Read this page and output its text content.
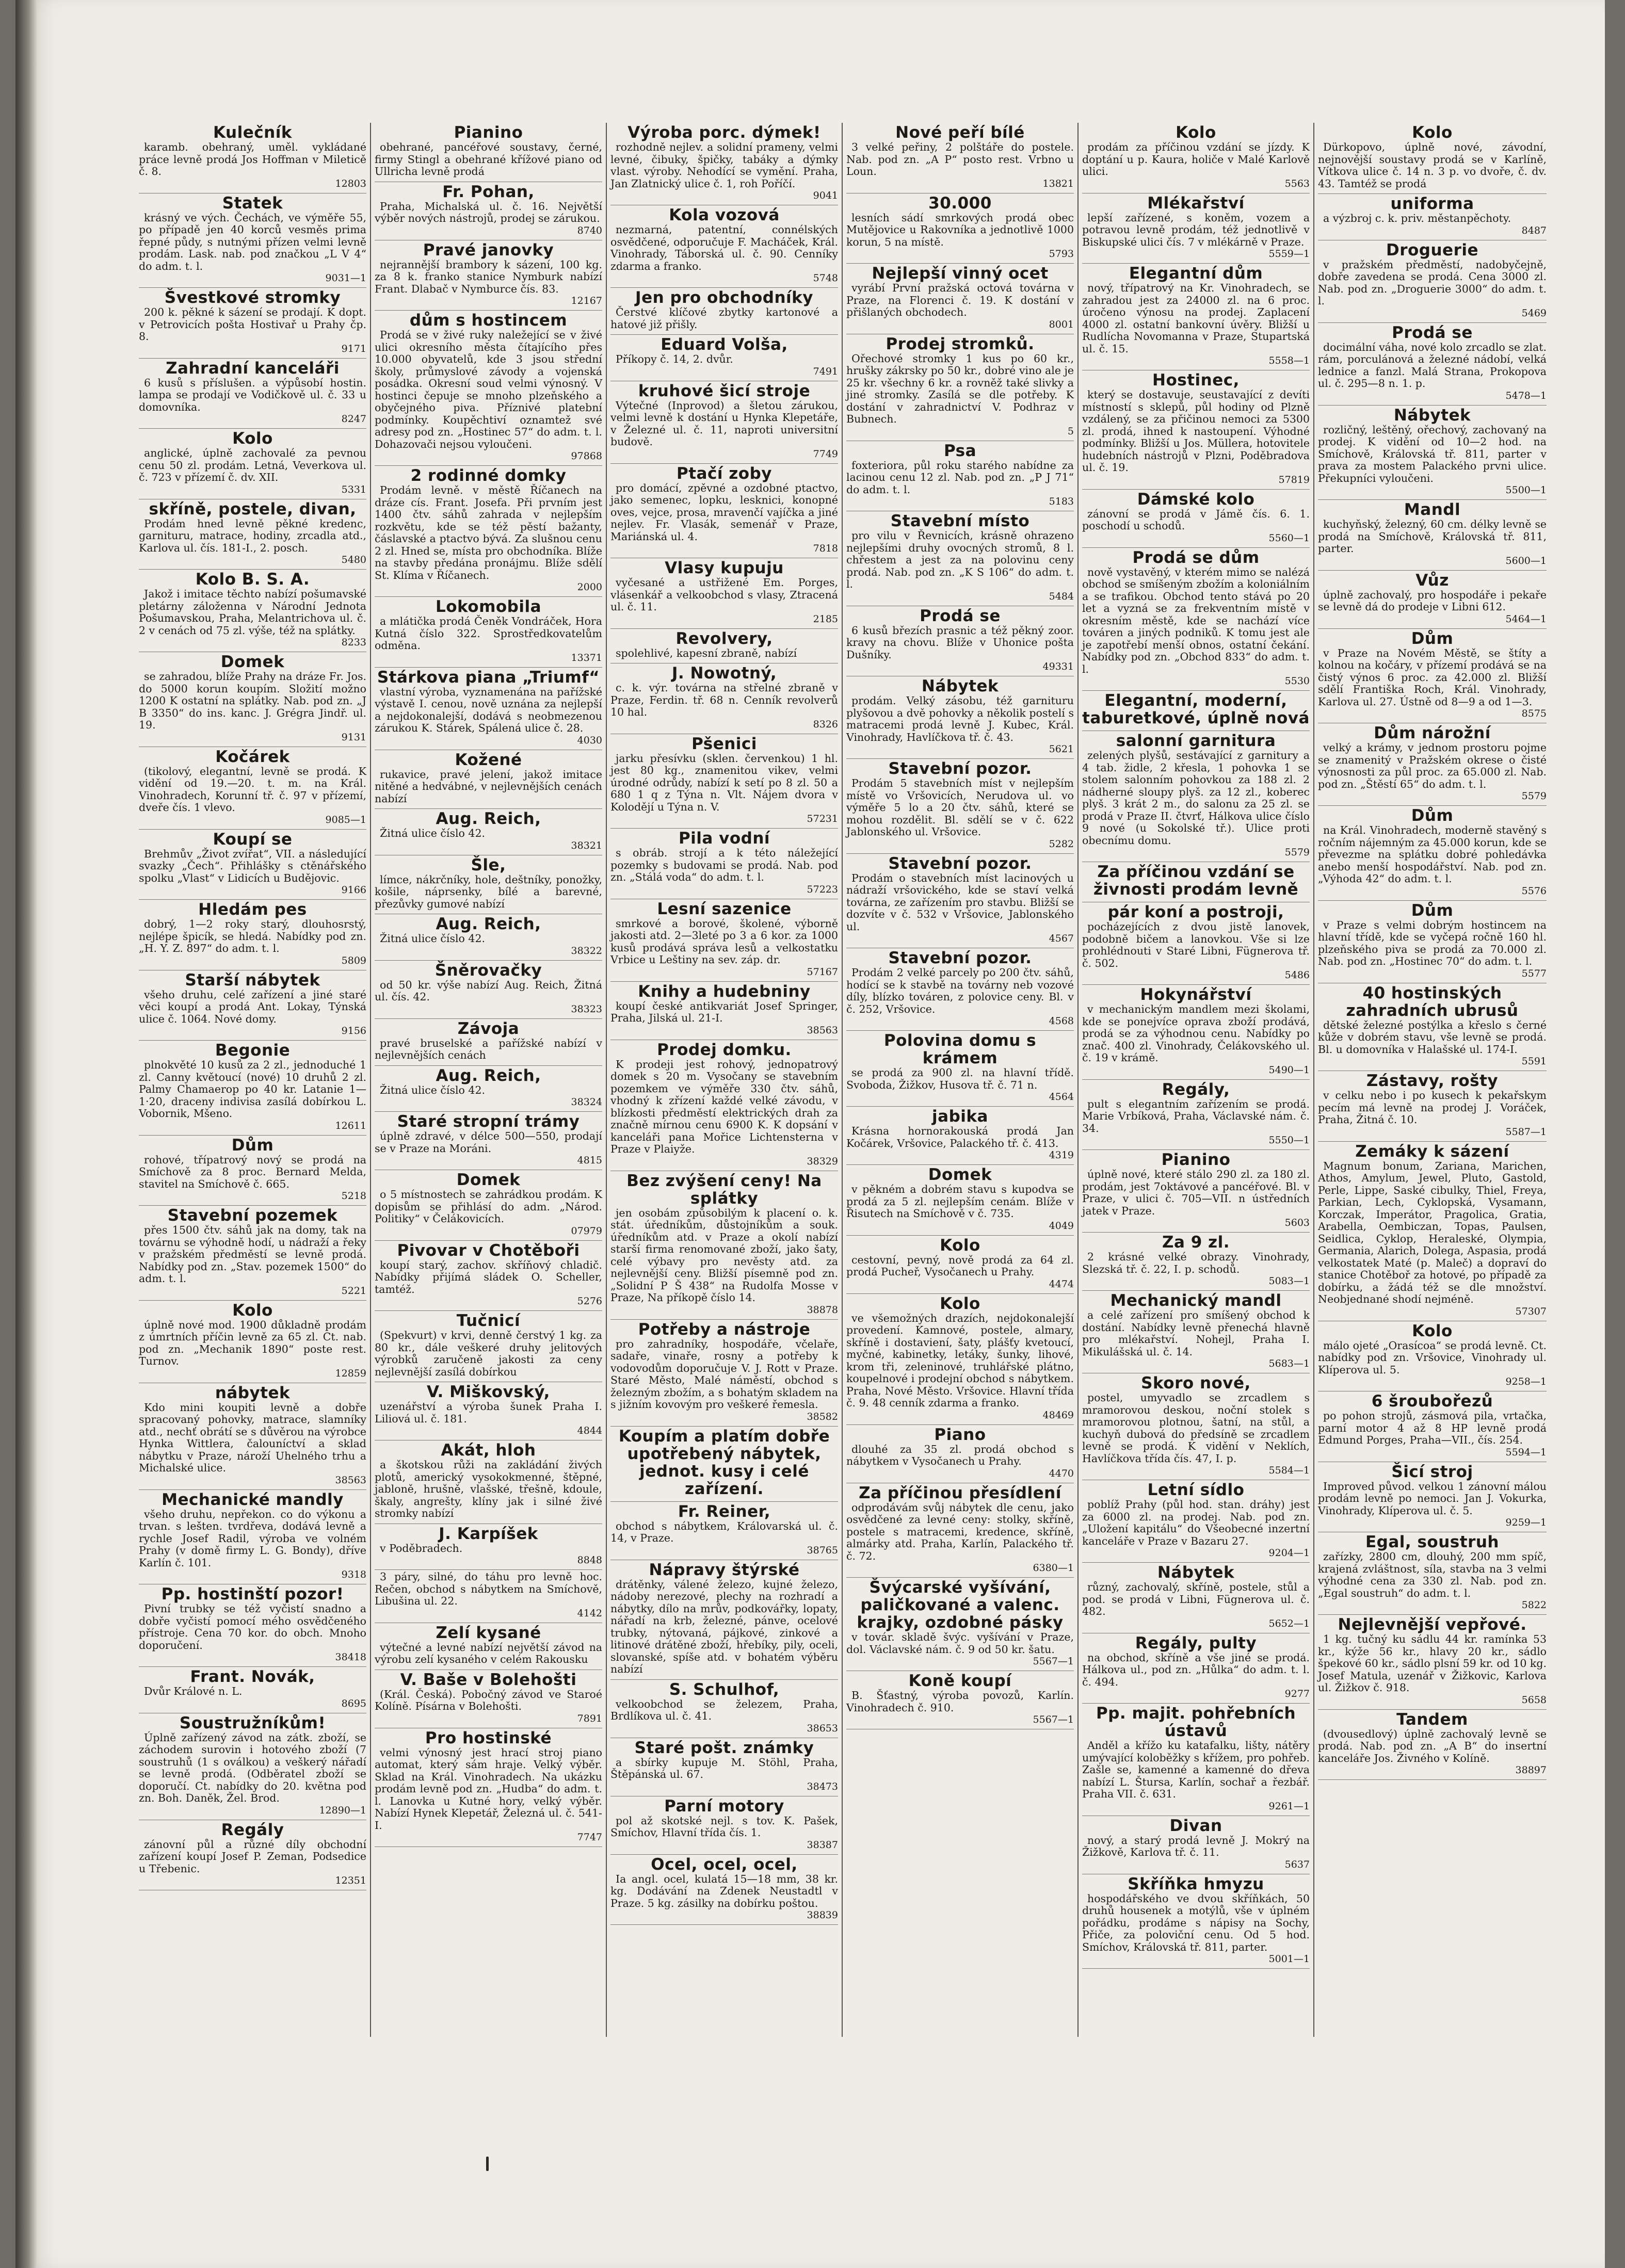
Kulečník

karamb. obehraný, uměl. vykládané práce levně prodá Jos Hoffman v Mileticě č. 8.

12803

Statek

krásný ve vých. Čechách, ve výměře 55, po případě jen 40 korců vesměs prima řepné půdy, s nutnými přízen velmi levně prodám. Lask. nab. pod značkou „L V 4“ do adm. t. l.

9031—1

Švestkové stromky

200 k. pěkné k sázení se prodají. K dopt. v Petrovicích pošta Hostivař u Prahy čp. 8.

9171

Zahradní kanceláři

6 kusů s příslušen. a výpůsobí hostin. lampa se prodají ve Vodičkově ul. č. 33 u domovníka.

8247

Kolo

anglické, úplně zachovalé za pevnou cenu 50 zl. prodám. Letná, Veverkova ul. č. 723 v přízemí č. dv. XII.

5331

skříně, postele, divan,

Prodám hned levně pěkné kredenc, garnituru, matrace, hodiny, zrcadla atd., Karlova ul. čís. 181-I., 2. posch.

5480

Kolo B. S. A.

Jakož i imitace těchto nabízí pošumavské pletárny záloženna v Národní Jednota Pošumavskou, Praha, Melantrichova ul. č. 2 v cenách od 75 zl. výše, též na splátky.

8233

Domek

se zahradou, blíže Prahy na dráze Fr. Jos. do 5000 korun koupím. Složití možno 1200 K ostatní na splátky. Nab. pod zn. „J B 3350“ do ins. kanc. J. Grégra Jindř. ul. 19.

9131

Kočárek

(tikolový, elegantní, levně se prodá. K vidění od 19.—20. t. m. na Král. Vinohradech, Korunní tř. č. 97 v přízemí, dveře čís. 1 vlevo.

9085—1

Koupí se

Brehmův „Život zvířat“, VII. a následující svazky „Čech“. Přihlášky s ctěnářského spolku „Vlast“ v Lidicích u Budějovic.

9166

Hledám pes

dobrý, 1—2 roky starý, dlouhosrstý, nejlépe špicík, se hledá. Nabídky pod zn. „H. Y. Z. 897“ do adm. t. l.

5809

Starší nábytek

všeho druhu, celé zařízení a jiné staré věci koupí a prodá Ant. Lokay, Týnská ulice č. 1064. Nové domy.

9156

Begonie

plnokvěté 10 kusů za 2 zl., jednoduché 1 zl. Canny květoucí (nové) 10 druhů 2 zl. Palmy Chamaerop po 40 kr. Latanie 1—1·20, draceny indivisa zasílá dobírkou L. Vobornik, Mšeno.

12611

Dům

rohové, třípatrový nový se prodá na Smíchově za 8 proc. Bernard Melda, stavitel na Smíchově č. 665.

5218

Stavební pozemek

přes 1500 čtv. sáhů jak na domy, tak na továrnu se výhodně hodí, u nádraží a řeky v pražském předměstí se levně prodá. Nabídky pod zn. „Stav. pozemek 1500“ do adm. t. l.

5221

Kolo

úplně nové mod. 1900 důkladně prodám z úmrtních příčin levně za 65 zl. Ct. nab. pod zn. „Mechanik 1890“ poste rest. Turnov.

12859

nábytek

Kdo mini koupiti levně a dobře spracovaný pohovky, matrace, slamníky atd., nechť obrátí se s důvěrou na výrobce Hynka Wittlera, čalouníctví a sklad nábytku v Praze, nároží Uhelného trhu a Michalské ulice.

38563

Mechanické mandly

všeho druhu, nepřekon. co do výkonu a trvan. s lešten. tvrdřeva, dodává levně a rychle Josef Radil, výroba ve volném Prahy (v domě firmy L. G. Bondy), dříve Karlín č. 101.

9318

Pp. hostinští pozor!

Pivní trubky se též vyčistí snadno a dobře vyčistí pomocí mého osvědčeného přístroje. Cena 70 kor. do obch. Mnoho doporučení.

38418

Frant. Novák,

Dvůr Králové n. L.

8695

Soustružníkům!

Úplně zařízený závod na zátk. zboží, se záchodem surovin i hotového zboží (7 soustruhů (1 s oválkou) a veškerý nářadí se levně prodá. (Odběratel zboží se doporučí. Ct. nabídky do 20. května pod zn. Boh. Daněk, Žel. Brod.

12890—1

Regály

zánovní půl a různé díly obchodní zařízení koupí Josef P. Zeman, Podsedice u Třebenic.

12351

Pianino

obehrané, pancéřové soustavy, černé, firmy Stingl a obehrané křížové piano od Ullricha levně prodá

Fr. Pohan,

Praha, Michalská ul. č. 16. Největší výběr nových nástrojů, prodej se zárukou.

8740

Pravé janovky

nejrannější brambory k sázení, 100 kg. za 8 k. franko stanice Nymburk nabízí Frant. Dlabač v Nymburce čís. 83.

12167

dům s hostincem

Prodá se v živé ruky naležející se v živé ulici okresního města čítajícího přes 10.000 obyvatelů, kde 3 jsou střední školy, průmyslové závody a vojenská posádka. Okresní soud velmi výnosný. V hostinci čepuje se mnoho plzeňského a obyčejného piva. Příznivé platební podmínky. Koupěchtiví oznamtež své adresy pod zn. „Hostinec 57“ do adm. t. l. Dohazovači nejsou vyloučeni.

97868

2 rodinné domky

Prodám levně. v městě Říčanech na dráze cís. Frant. Josefa. Při prvním jest 1400 čtv. sáhů zahrada v nejlepším rozkvětu, kde se též pěstí bažanty, čáslavské a ptactvo bývá. Za slušnou cenu 2 zl. Hned se, místa pro obchodníka. Blíže na stavby předána pronájmu. Blíže sdělí St. Klíma v Říčanech.

2000

Lokomobila

a mlátička prodá Čeněk Vondráček, Hora Kutná číslo 322. Sprostředkovatelům odměna.

13371

Stárkova piana „Triumf“

vlastní výroba, vyznamenána na pařížské výstavě I. cenou, nově uznána za nejlepší a nejdokonalejší, dodává s neobmezenou zárukou K. Stárek, Spálená ulice č. 28.

4030

Kožené

rukavice, pravé jelení, jakož imitace nitěné a hedvábné, v nejlevnějších cenách nabízí

Aug. Reich,

Žitná ulice číslo 42.

38321

Šle,

límce, nákrčníky, hole, deštníky, ponožky, košile, náprsenky, bílé a barevné, přezůvky gumové nabízí

Aug. Reich,

Žitná ulice číslo 42.

38322

Šněrovačky

od 50 kr. výše nabízí Aug. Reich, Žitná ul. čís. 42.

38323

Závoja

pravé bruselské a pařížské nabízí v nejlevnějších cenách

Aug. Reich,

Žitná ulice číslo 42.

38324

Staré stropní trámy

úplně zdravé, v délce 500—550, prodají se v Praze na Moráni.

4815

Domek

o 5 místnostech se zahrádkou prodám. K dopisům se přihlásí do adm. „Národ. Politiky“ v Čelákovicích.

07979

Pivovar v Chotěboři

koupí starý, zachov. skříňový chladič. Nabídky přijímá sládek O. Scheller, tamtéž.

5276

Tučnicí

(Spekvurt) v krvi, denně čerstvý 1 kg. za 80 kr., dále veškeré druhy jelitových výrobků zaručeně jakosti za ceny nejlevnější zasílá dobírkou

V. Miškovský,

uzenářství a výroba šunek Praha I. Liliová ul. č. 181.

4844

Akát, hloh

a škotskou růži na zakládání živých plotů, americký vysokokmenné, štěpné, jabloně, hrušně, vlašské, třešně, kdoule, škaly, angrešty, klíny jak i silné živé stromky nabízí

J. Karpíšek

v Poděbradech.

8848

3 páry, silné, do táhu pro levně hoc. Rečen, obchod s nábytkem na Smíchově, Libušina ul. 22.

4142

Zelí kysané

výtečné a levné nabízí největší závod na výrobu zelí kysaného v celém Rakousku

V. Baše v Bolehošti

(Král. Česká). Pobočný závod ve Staroé Kolíně. Písárna v Bolehošti.

7891

Pro hostinské

velmi výnosný jest hrací stroj piano automat, který sám hraje. Velký výběr. Sklad na Král. Vinohradech. Na ukázku prodám levně pod zn. „Hudba“ do adm. t. l. Lanovka u Kutné hory, velký výběr. Nabízí Hynek Klepetář, Železná ul. č. 541-I.

7747

Výroba porc. dýmek!

rozhodně nejlev. a solidní prameny, velmi levné, čibuky, špičky, tabáky a dýmky vlast. výroby. Nehodící se vymění. Praha, Jan Zlatnický ulice č. 1, roh Poříčí.

9041

Kola vozová

nezmarná, patentní, connélských osvědčené, odporučuje F. Macháček, Král. Vinohrady, Táborská ul. č. 90. Cenníky zdarma a franko.

5748

Jen pro obchodníky

Čerstvé klíčové zbytky kartonové a hatové již přišly.

Eduard Volša,

Příkopy č. 14, 2. dvůr.

7491

kruhové šicí stroje

Výtečné (Inprovod) a šletou zárukou, velmi levně k dostání u Hynka Klepetáře, v Železné ul. č. 11, naproti universitní budově.

7749

Ptačí zoby

pro domácí, zpěvné a ozdobné ptactvo, jako semenec, lopku, lesknici, konopné oves, vejce, prosa, mravenčí vajíčka a jiné nejlev. Fr. Vlasák, semenář v Praze, Mariánská ul. 4.

7818

Vlasy kupuju

vyčesané a ustřižené Em. Porges, vlásenkář a velkoobchod s vlasy, Ztracená ul. č. 11.

2185

Revolvery,

spolehlivé, kapesní zbraně, nabízí

J. Nowotný,

c. k. výr. továrna na střelné zbraně v Praze, Ferdin. tř. 68 n. Cenník revolverů 10 hal.

8326

Pšenici

jarku přesívku (sklen. červenkou) 1 hl. jest 80 kg., znamenitou vikev, velmi úrodné odrůdy, nabízí k setí po 8 zl. 50 a 680 1 q z Týna n. Vlt. Nájem dvora v Kolodějí u Týna n. V.

57231

Pila vodní

s obráb. strojí a k této náležející pozemky s budovami se prodá. Nab. pod zn. „Stálá voda“ do adm. t. l.

57223

Lesní sazenice

smrkové a borové, školené, výborně jakosti atd. 2—3leté po 3 a 6 kor. za 1000 kusů prodává správa lesů a velkostatku Vrbice u Leštiny na sev. záp. dr.

57167

Knihy a hudebniny

koupí české antikvariát Josef Springer, Praha, Jilská ul. 21-I.

38563

Prodej domku.

K prodeji jest rohový, jednopatrový domek s 20 m. Vysočany se stavebním pozemkem ve výměře 330 čtv. sáhů, vhodný k zřízení každé velké závodu, v blízkosti předměstí elektrických drah za značně mírnou cenu 6900 K. K dopsání v kanceláři pana Mořice Lichtensterna v Praze v Plaiyže.

38329

Bez zvýšení ceny! Na splátky

jen osobám způsobilým k placení o. k. stát. úředníkům, důstojníkům a souk. úředníkům atd. v Praze a okolí nabízí starší firma renomované zboží, jako šaty, celé výbavy pro nevěsty atd. za nejlevnější ceny. Bližší písemně pod zn. „Solidní P Š 438“ na Rudolfa Mosse v Praze, Na příkopě číslo 14.

38878

Potřeby a nástroje

pro zahradníky, hospodáře, včelaře, sadaře, vinaře, rosny a potřeby k vodovodům doporučuje V. J. Rott v Praze. Staré Město, Malé náměstí, obchod s železným zbožím, a s bohatým skladem na s jižním kovovým pro veškeré řemesla.

38582

Koupím a platím dobře upotřebený nábytek, jednot. kusy i celé zařízení.

Fr. Reiner,

obchod s nábytkem, Královarská ul. č. 14, v Praze.

38765

Nápravy štýrské

drátěnky, válené železo, kujné železo, nádoby nerezové, plechy na rozhradí a nábytky, dílo na mrův, podkovářky, lopaty, nářadí na krb, železné, pánve, ocelové trubky, nýtovaná, pájkové, zinkové a litinové drátěné zboží, hřebíky, pily, oceli, slovanské, spíše atd. v bohatém výběru nabízí

S. Schulhof,

velkoobchod se železem, Praha, Brdlíkova ul. č. 41.

38653

Staré pošt. známky

a sbírky kupuje M. Stöhl, Praha, Štěpánská ul. 67.

38473

Parní motory

pol až skotské nejl. s tov. K. Pašek, Smíchov, Hlavní třída čís. 1.

38387

Ocel, ocel, ocel,

Ia angl. ocel, kulatá 15—18 mm, 38 kr. kg. Dodávání na Zdenek Neustadtl v Praze. 5 kg. zásilky na dobírku poštou.

38839

Nové peří bílé

3 velké peřiny, 2 polštáře do postele. Nab. pod zn. „A P“ posto rest. Vrbno u Loun.

13821

30.000

lesních sádí smrkových prodá obec Mutějovice u Rakovníka a jednotlivě 1000 korun, 5 na místě.

5793

Nejlepší vinný ocet

vyrábí První pražská octová továrna v Praze, na Florenci č. 19. K dostání v přišlaných obchodech.

8001

Prodej stromků.

Ořechové stromky 1 kus po 60 kr., hrušky zákrsky po 50 kr., dobré vino ale je 25 kr. všechny 6 kr. a rovněž také slivky a jiné stromky. Zasílá se dle potřeby. K dostání v zahradnictví V. Podhraz v Bubnech.

5

Psa

foxteriora, půl roku starého nabídne za lacinou cenu 12 zl. Nab. pod zn. „P J 71“ do adm. t. l.

5183

Stavební místo

pro vilu v Řevnicích, krásně ohrazeno nejlepšími druhy ovocných stromů, 8 l. chřestem a jest za na polovinu ceny prodá. Nab. pod zn. „K S 106“ do adm. t. l.

5484

Prodá se

6 kusů březích prasnic a též pěkný zoor. kravy na chovu. Blíže v Uhonice pošta Dušníky.

49331

Nábytek

prodám. Velký zásobu, též garnituru plyšovou a dvě pohovky a několik postelí s matracemi prodá levně J. Kubec, Král. Vinohrady, Havlíčkova tř. č. 43.

5621

Stavební pozor.

Prodám 5 stavebních míst v nejlepším místě vo Vršovicích, Nerudova ul. vo výměře 5 lo a 20 čtv. sáhů, které se mohou rozdělit. Bl. sdělí se v č. 622 Jablonského ul. Vršovice.

5282

Stavební pozor.

Prodám o stavebních míst lacinových u nádraží vršovického, kde se staví velká továrna, ze zařízením pro stavbu. Bližší se dozvíte v č. 532 v Vršovice, Jablonského ul.

4567

Stavební pozor.

Prodám 2 velké parcely po 200 čtv. sáhů, hodící se k stavbě na továrny neb vozové díly, blízko továren, z polovice ceny. Bl. v č. 252, Vršovice.

4568

Polovina domu s krámem

se prodá za 900 zl. na hlavní třídě. Svoboda, Žižkov, Husova tř. č. 71 n.

4564

jabika

Krásna hornorakouská prodá Jan Kočárek, Vršovice, Palackého tř. č. 413.

4319

Domek

v pěkném a dobrém stavu s kupodva se prodá za 5 zl. nejlepším cenám. Blíže v Řisutech na Smíchově v č. 735.

4049

Kolo

cestovní, pevný, nově prodá za 64 zl. prodá Pucheř, Vysočanech u Prahy.

4474

Kolo

ve všemožných drazích, nejdokonalejší provedení. Kamnové, postele, almary, skříně i dostaviení, šaty, plášťy kvetoucí, myčné, kabinetky, letáky, šunky, lihové, krom tři, zeleninové, truhlářské plátno, koupelnové i prodejní obchod s nábytkem. Praha, Nové Město. Vršovice. Hlavní třída č. 9. 48 cenník zdarma a franko.

48469

Piano

dlouhé za 35 zl. prodá obchod s nábytkem v Vysočanech u Prahy.

4470

Za příčinou přesídlení

odprodávám svůj nábytek dle cenu, jako osvědčené za levné ceny: stolky, skříně, postele s matracemi, kredence, skříně, almárky atd. Praha, Karlín, Palackého tř. č. 72.

6380—1

Švýcarské vyšívání, paličkované a valenc. krajky, ozdobné pásky

v továr. skladě švýc. vyšívání v Praze, dol. Václavské nám. č. 9 od 50 kr. šatu.

5567—1

Koně koupí

B. Šťastný, výroba povozů, Karlín. Vinohradech č. 910.

5567—1

Kolo

prodám za příčinou vzdání se jízdy. K doptání u p. Kaura, holiče v Malé Karlově ulici.

5563

Mlékařství

lepší zařízené, s koněm, vozem a potravou levně prodám, též jednotlivě v Biskupské ulici čís. 7 v mlékárně v Praze.

5559—1

Elegantní dům

nový, třípatrový na Kr. Vinohradech, se zahradou jest za 24000 zl. na 6 proc. úročeno výnosu na prodej. Zaplacení 4000 zl. ostatní bankovní úvěry. Bližší u Rudlícha Novomanna v Praze, Stupartská ul. č. 15.

5558—1

Hostinec,

který se dostavuje, seustavající z devíti místností s sklepů, půl hodiny od Plzně vzdálený, se za přičinou nemoci za 5300 zl. prodá, ihned k nastoupení. Výhodné podmínky. Bližší u Jos. Müllera, hotovitele hudebních nástrojů v Plzni, Poděbradova ul. č. 19.

57819

Dámské kolo

zánovní se prodá v Jámě čís. 6. 1. poschodí u schodů.

5560—1

Prodá se dům

nově vystavěný, v kterém mimo se nalézá obchod se smíšeným zbožím a koloniálním a se trafikou. Obchod tento stává po 20 let a vyzná se za frekventním místě v okresním městě, kde se nachází více továren a jiných podniků. K tomu jest ale je zapotřebí menší obnos, ostatní čekání. Nabídky pod zn. „Obchod 833“ do adm. t. l.

5530

Elegantní, moderní, taburetkové, úplně nová

salonní garnitura

zelených plyšů, sestávající z garnitury a 4 tab. židle, 2 křesla, 1 pohovka 1 se stolem salonním pohovkou za 188 zl. 2 nádherné sloupy plyš. za 12 zl., koberec plyš. 3 krát 2 m., do salonu za 25 zl. se prodá v Praze II. čtvrť, Hálkova ulice číslo 9 nové (u Sokolské tř.). Ulice proti obecnímu domu.

5579

Za příčinou vzdání se živnosti prodám levně

pár koní a postroji,

pocházejících z dvou jistě lanovek, podobně bičem a lanovkou. Vše si lze prohlédnouti v Staré Libni, Fügnerova tř. č. 502.

5486

Hokynářství

v mechanickým mandlem mezi školami, kde se ponejvíce oprava zboží prodává, prodá se za výhodnou cenu. Nabídky po znač. 400 zl. Vinohrady, Čelákovského ul. č. 19 v krámě.

5490—1

Regály,

pult s elegantním zařízením se prodá. Marie Vrbíková, Praha, Václavské nám. č. 34.

5550—1

Pianino

úplně nové, které stálo 290 zl. za 180 zl. prodám, jest 7oktávové a pancéřové. Bl. v Praze, v ulici č. 705—VII. n ústředních jatek v Praze.

5603

Za 9 zl.

2 krásné velké obrazy. Vinohrady, Slezská tř. č. 22, I. p. schodů.

5083—1

Mechanický mandl

a celé zařízení pro smíšený obchod k dostání. Nabídky levně přenechá hlavně pro mlékařství. Nohejl, Praha I. Mikulášská ul. č. 14.

5683—1

Skoro nové,

postel, umyvadlo se zrcadlem s mramorovou deskou, noční stolek s mramorovou plotnou, šatní, na stůl, a kuchyň dubová do předsíně se zrcadlem levně se prodá. K vidění v Neklích, Havlíčkova třída čís. 47, I. p.

5584—1

Letní sídlo

poblíž Prahy (půl hod. stan. dráhy) jest za 6000 zl. na prodej. Nab. pod zn. „Uložení kapitálu“ do Všeobecné inzertní kanceláře v Praze v Bazaru 27.

9204—1

Nábytek

různý, zachovalý, skříně, postele, stůl a pod. se prodá v Libni, Fügnerova ul. č. 482.

5652—1

Regály, pulty

na obchod, skříně a vše jiné se prodá. Hálkova ul., pod zn. „Hůlka“ do adm. t. l. č. 494.

9277

Pp. majit. pohřebních ústavů

Anděl a křížo ku katafalku, lišty, nátěry umývající koloběžky s křížem, pro pohřeb. Zašle se, kamenné a kamenné do dřeva nabízí L. Štursa, Karlín, sochař a řezbář. Praha VII. č. 631.

9261—1

Divan

nový, a starý prodá levně J. Mokrý na Žižkově, Karlova tř. č. 11.

5637

Skříňka hmyzu

hospodářského ve dvou skříňkách, 50 druhů housenek a motýlů, vše v úplném pořádku, prodáme s nápisy na Sochy, Přiče, za poloviční cenu. Od 5 hod. Smíchov, Královská tř. 811, parter.

5001—1

Kolo

Dürkopovo, úplně nové, závodní, nejnovější soustavy prodá se v Karlíně, Vítkova ulice č. 14 n. 3 p. vo dvoře, č. dv. 43. Tamtéž se prodá

uniforma

a výzbroj c. k. priv. městanpěchoty.

8487

Droguerie

v pražském předměstí, nadobyčejně, dobře zavedena se prodá. Cena 3000 zl. Nab. pod zn. „Droguerie 3000“ do adm. t. l.

5469

Prodá se

docimální váha, nové kolo zrcadlo se zlat. rám, porculánová a železné nádobí, velká lednice a fanzl. Malá Strana, Prokopova ul. č. 295—8 n. 1. p.

5478—1

Nábytek

rozličný, leštěný, ořechový, zachovaný na prodej. K vidění od 10—2 hod. na Smíchově, Královská tř. 811, parter v prava za mostem Palackého prvni ulice. Překupníci vyloučeni.

5500—1

Mandl

kuchyňský, železný, 60 cm. délky levně se prodá na Smíchově, Královská tř. 811, parter.

5600—1

Vůz

úplně zachovalý, pro hospodáře i pekaře se levně dá do prodeje v Libni 612.

5464—1

Dům

v Praze na Novém Městě, se štíty a kolnou na kočáry, v přízemí prodává se na čistý výnos 6 proc. za 42.000 zl. Bližší sdělí Františka Roch, Král. Vinohrady, Karlova ul. 27. Ústně od 8—9 a od 1—3.

8575

Dům nárožní

velký a krámy, v jednom prostoru pojme se znamenitý v Pražském okrese o čisté výnosnosti za půl proc. za 65.000 zl. Nab. pod zn. „Štěstí 65“ do adm. t. l.

5579

Dům

na Král. Vinohradech, moderně stavěný s ročním nájemným za 45.000 korun, kde se převezme na splátku dobré pohledávka anebo menší hospodářství. Nab. pod zn. „Výhoda 42“ do adm. t. l.

5576

Dům

v Praze s velmi dobrým hostincem na hlavní třídě, kde se vyčepá ročně 160 hl. plzeňského piva se prodá za 70.000 zl. Nab. pod zn. „Hostinec 70“ do adm. t. l.

5577

40 hostinských zahradních ubrusů

dětské železné postýlka a křeslo s černé kůže v dobrém stavu, vše levně se prodá. Bl. u domovníka v Halašské ul. 174-I.

5591

Zástavy, rošty

v celku nebo i po kusech k pekařskym pecím má levně na prodej J. Voráček, Praha, Žitná č. 10.

5587—1

Zemáky k sázení

Magnum bonum, Zariana, Marichen, Athos, Amylum, Jewel, Pluto, Gastold, Perle, Lippe, Saské cibulky, Thiel, Freya, Parkian, Lech, Cyklopská, Vysamann, Korczak, Imperátor, Pragolica, Gratia, Arabella, Oembiczan, Topas, Paulsen, Seidlica, Cyklop, Heraleské, Olympia, Germania, Alarich, Dolega, Aspasia, prodá velkostatek Maté (p. Maleč) a dopraví do stanice Chotěboř za hotové, po případě za dobírku, a žádá též se dle množství. Neobjednané shodí nejméně.

57307

Kolo

málo ojeté „Orasícoa“ se prodá levně. Ct. nabídky pod zn. Vršovice, Vinohrady ul. Klíperova ul. 5.

9258—1

6 šroubořezů

po pohon strojů, zásmová pila, vrtačka, parní motor 4 až 8 HP levně prodá Edmund Porges, Praha—VII., čís. 254.

5594—1

Šicí stroj

Improved původ. velkou 1 zánovní málou prodám levně po nemoci. Jan J. Vokurka, Vinohrady, Klíperova ul. č. 5.

9259—1

Egal, soustruh

zařízky, 2800 cm, dlouhý, 200 mm spíč, krajená zvláštnost, síla, stavba na 3 velmi výhodné cena za 330 zl. Nab. pod zn. „Egal soustruh“ do adm. t. l.

5822

Nejlevnější vepřové.

1 kg. tučný ku sádlu 44 kr. ramínka 53 kr., kýže 56 kr., hlavy 20 kr., sádlo špekové 60 kr., sádlo plsní 59 kr. od 10 kg. Josef Matula, uzenář v Žižkovic, Karlova ul. Žižkov č. 918.

5658

Tandem

(dvousedlový) úplně zachovalý levně se prodá. Nab. pod zn. „A B“ do insertní kanceláře Jos. Živného v Kolíně.

38897
